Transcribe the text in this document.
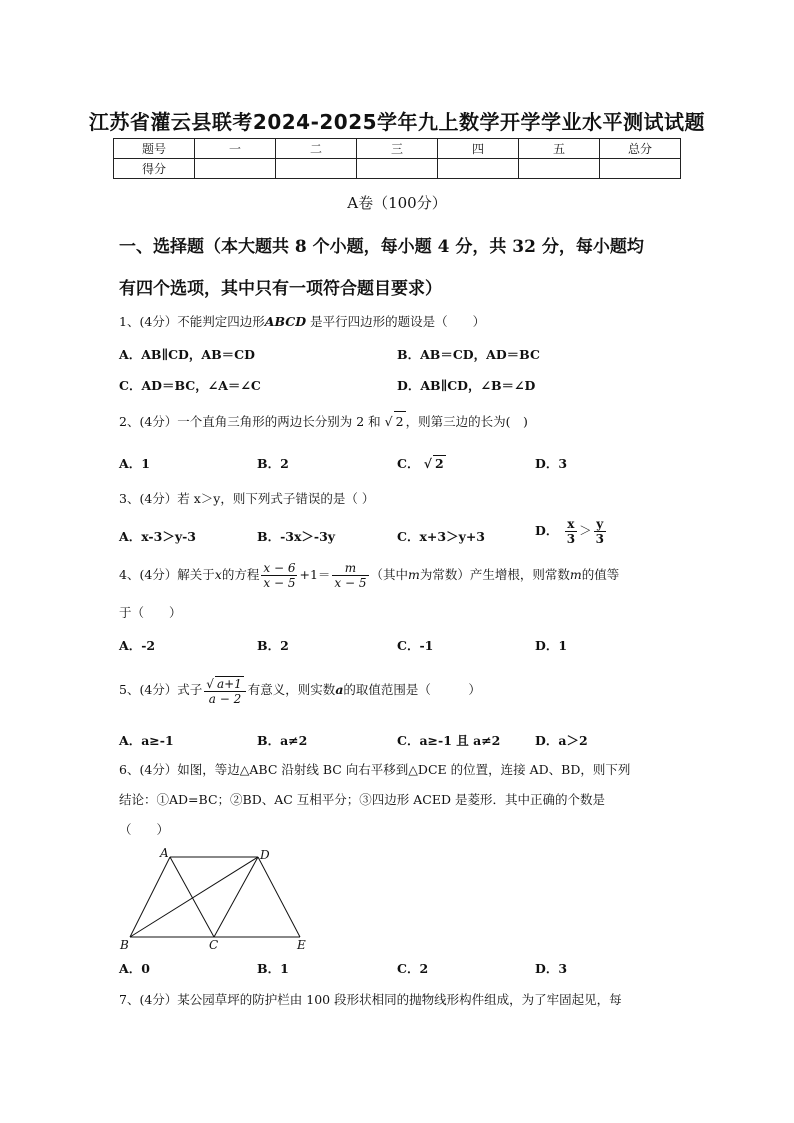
江苏省灌云县联考2024-2025学年九上数学开学学业水平测试试题
题号	一	二	三	四	五	总分
得分						
A卷（100分）
一、选择题（本大题共 8 个小题，每小题 4 分，共 32 分，每小题均
有四个选项，其中只有一项符合题目要求）
1、(4分）不能判定四边形ABCD 是平行四边形的题设是（　　）
A．AB∥CD，AB＝CD	B．AB＝CD，AD＝BC
C．AD＝BC，∠A＝∠C	D．AB∥CD，∠B＝∠D
2、(4分）一个直角三角形的两边长分别为 2 和 √ 2 ，则第三边的长为(　)
A．1	B．2	C． √ 2	D．3
3、(4分）若 x＞y，则下列式子错误的是（ ）
A．x-3＞y-3	B．-3x＞-3y	C．x+3＞y+3	D． $\frac{x}{3} > \frac{y}{3}$
4、(4分）解关于x的方程 $\frac{x - 6}{x - 5} +1= \frac{m}{x - 5}$ （其中m为常数）产生增根，则常数m的值等
于（　　）
A．-2	B．2	C．-1	D．1
5、(4分）式子 $\frac{√ a+1}{a - 2}$ 有意义，则实数a的取值范围是（　　　）
A．a≥-1	B．a≠2	C．a≥-1 且 a≠2	D．a＞2
6、(4分）如图，等边△ABC 沿射线 BC 向右平移到△DCE 的位置，连接 AD、BD，则下列
结论：①AD=BC；②BD、AC 互相平分；③四边形 ACED 是菱形．其中正确的个数是
（　　）
A	D
B	C	E
A．0	B．1	C．2	D．3
7、(4分）某公园草坪的防护栏由 100 段形状相同的抛物线形构件组成，为了牢固起见，每
